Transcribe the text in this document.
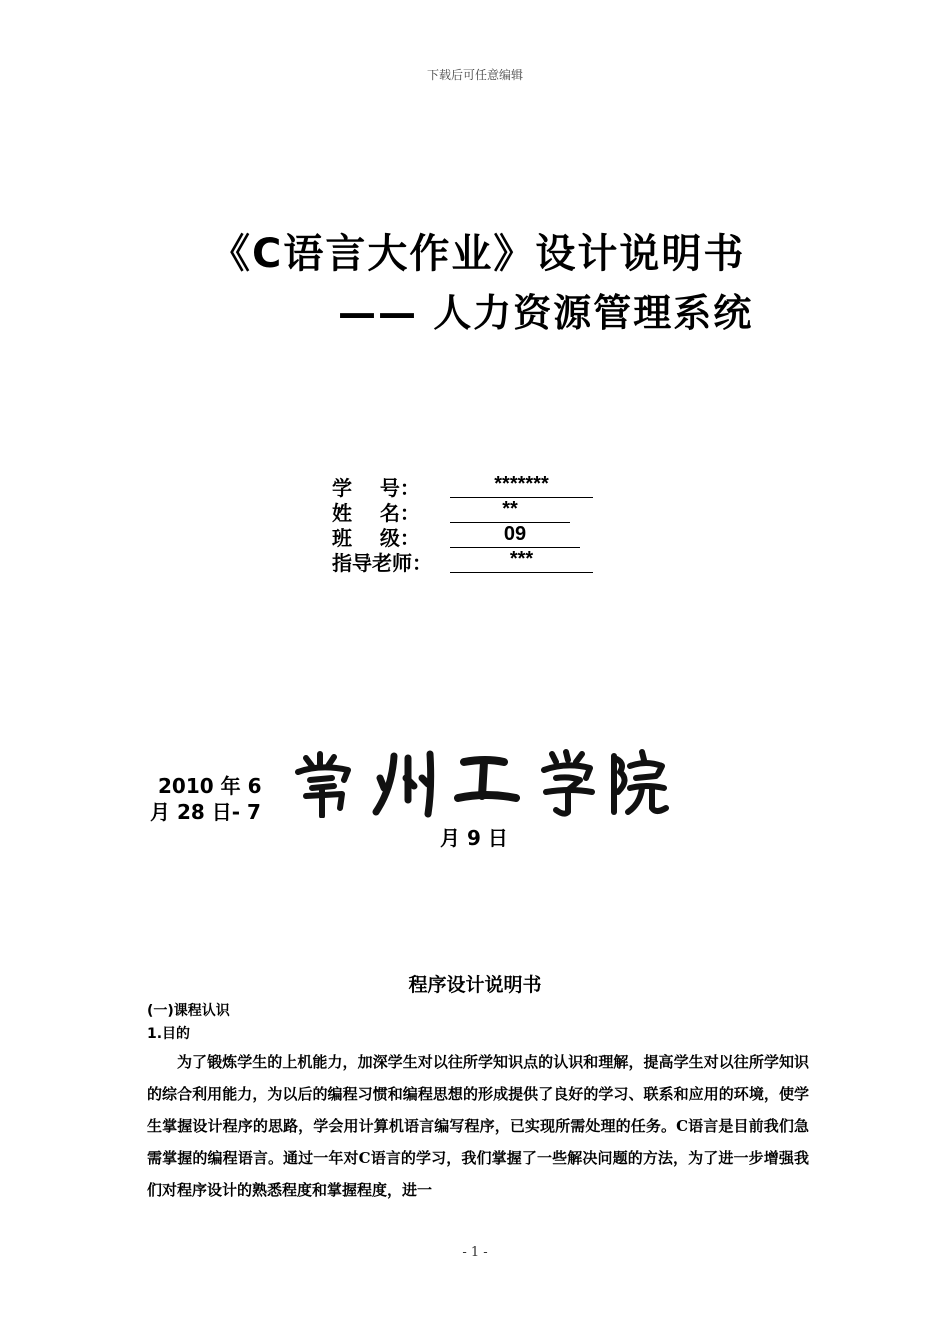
下载后可任意编辑
《C语言大作业》设计说明书
—— 人力资源管理系统
学    号：	*******
姓    名：	**
班    级：	09
指导老师：	***
2010 年 6
月 28 日- 7
月 9 日
程序设计说明书
(一)课程认识
1.目的
为了锻炼学生的上机能力，加深学生对以往所学知识点的认识和理解，提高学生对以往所学知识的综合利用能力，为以后的编程习惯和编程思想的形成提供了良好的学习、联系和应用的环境，使学生掌握设计程序的思路，学会用计算机语言编写程序，已实现所需处理的任务。C语言是目前我们急需掌握的编程语言。通过一年对C语言的学习，我们掌握了一些解决问题的方法，为了进一步增强我们对程序设计的熟悉程度和掌握程度，进一
- 1 -
